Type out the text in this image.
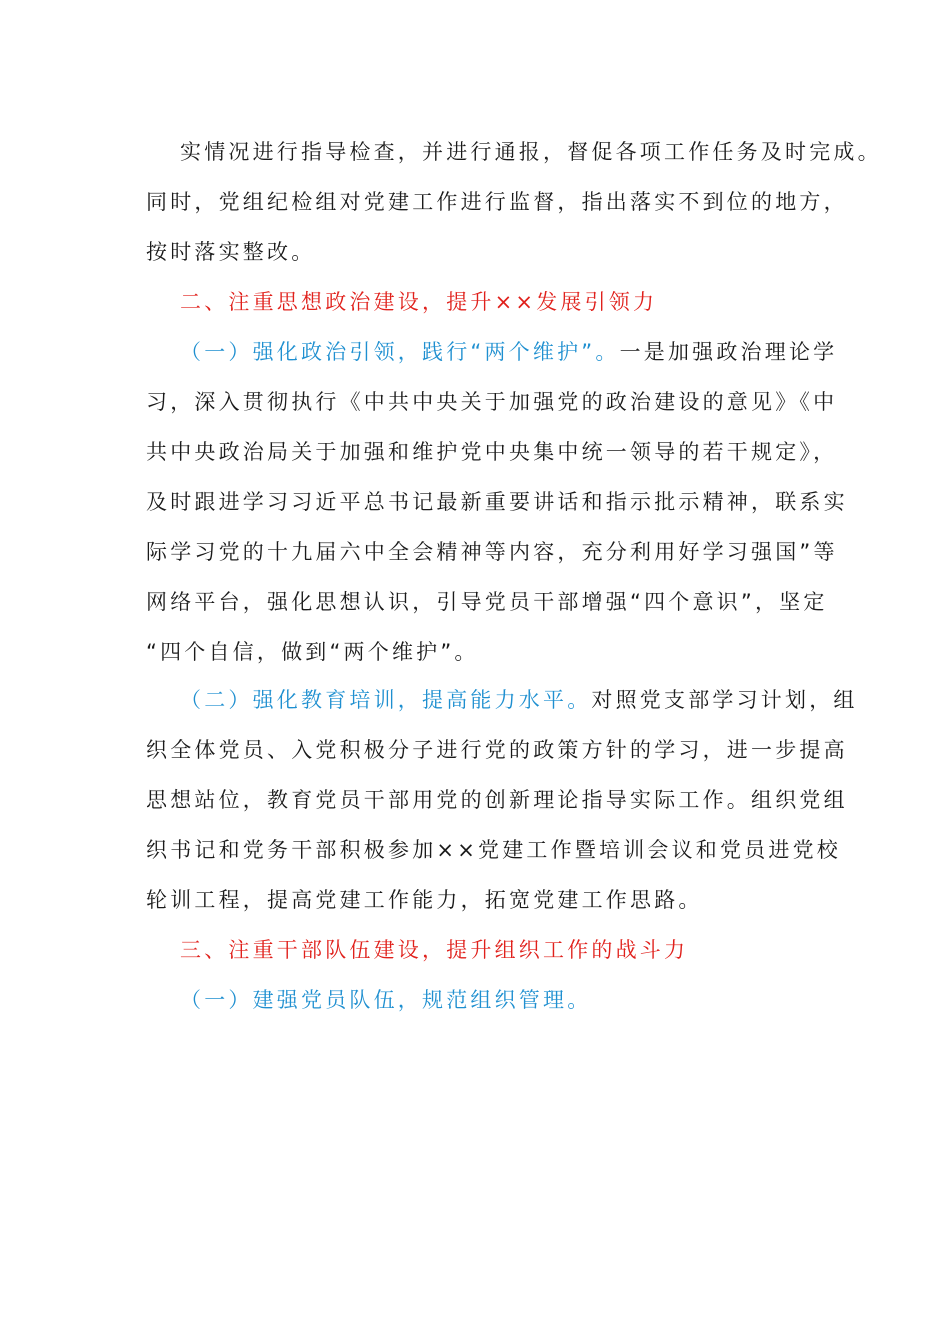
实情况进行指导检查，并进行通报，督促各项工作任务及时完成。
同时，党组纪检组对党建工作进行监督，指出落实不到位的地方，
按时落实整改。
二、注重思想政治建设，提升××发展引领力
（一）强化政治引领，践行“两个维护”。一是加强政治理论学
习，深入贯彻执行《中共中央关于加强党的政治建设的意见》《中
共中央政治局关于加强和维护党中央集中统一领导的若干规定》，
及时跟进学习习近平总书记最新重要讲话和指示批示精神，联系实
际学习党的十九届六中全会精神等内容，充分利用好学习强国”等
网络平台，强化思想认识，引导党员干部增强“四个意识”，坚定
“四个自信，做到“两个维护”。
（二）强化教育培训，提高能力水平。对照党支部学习计划，组
织全体党员、入党积极分子进行党的政策方针的学习，进一步提高
思想站位，教育党员干部用党的创新理论指导实际工作。组织党组
织书记和党务干部积极参加××党建工作暨培训会议和党员进党校
轮训工程，提高党建工作能力，拓宽党建工作思路。
三、注重干部队伍建设，提升组织工作的战斗力
（一）建强党员队伍，规范组织管理。
